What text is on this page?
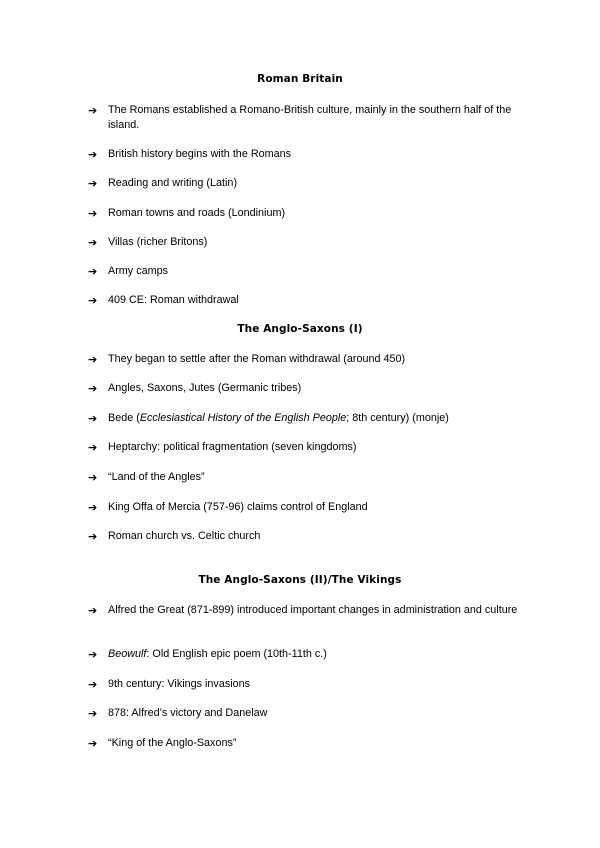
Roman Britain
➔ The Romans established a Romano-British culture, mainly in the southern half of the island.
➔ British history begins with the Romans
➔ Reading and writing (Latin)
➔ Roman towns and roads (Londinium)
➔ Villas (richer Britons)
➔ Army camps
➔ 409 CE: Roman withdrawal
The Anglo-Saxons (I)
➔ They began to settle after the Roman withdrawal (around 450)
➔ Angles, Saxons, Jutes (Germanic tribes)
➔ Bede (Ecclesiastical History of the English People; 8th century) (monje)
➔ Heptarchy: political fragmentation (seven kingdoms)
➔ “Land of the Angles”
➔ King Offa of Mercia (757-96) claims control of England
➔ Roman church vs. Celtic church
The Anglo-Saxons (II)/The Vikings
➔ Alfred the Great (871-899) introduced important changes in administration and culture
➔ Beowulf: Old English epic poem (10th-11th c.)
➔ 9th century: Vikings invasions
➔ 878: Alfred’s victory and Danelaw
➔ “King of the Anglo-Saxons”
